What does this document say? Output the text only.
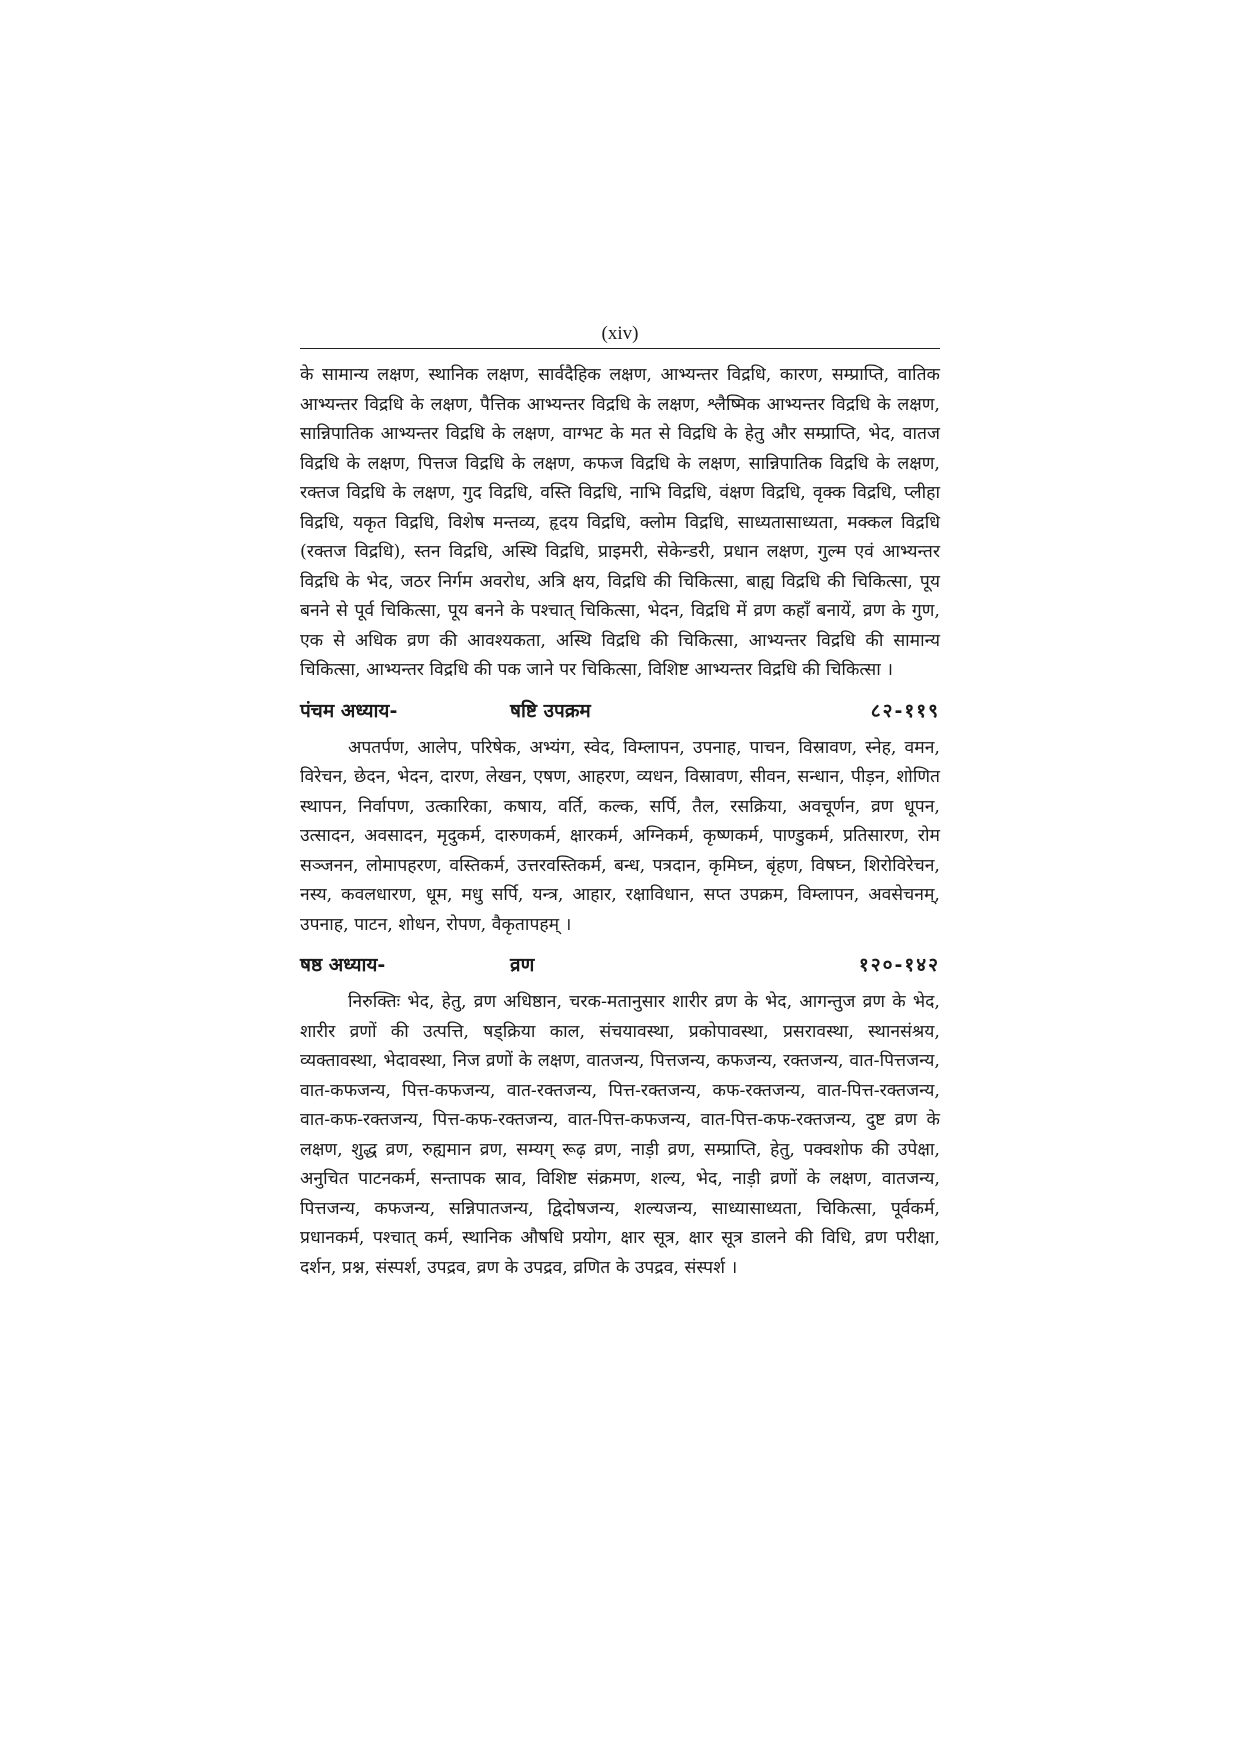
(xiv)

के सामान्य लक्षण, स्थानिक लक्षण, सार्वदैहिक लक्षण, आभ्यन्तर विद्रधि, कारण, सम्प्राप्ति, वातिक आभ्यन्तर विद्रधि के लक्षण, पैत्तिक आभ्यन्तर विद्रधि के लक्षण, श्लैष्मिक आभ्यन्तर विद्रधि के लक्षण, सान्निपातिक आभ्यन्तर विद्रधि के लक्षण, वाग्भट के मत से विद्रधि के हेतु और सम्प्राप्ति, भेद, वातज विद्रधि के लक्षण, पित्तज विद्रधि के लक्षण, कफज विद्रधि के लक्षण, सान्निपातिक विद्रधि के लक्षण, रक्तज विद्रधि के लक्षण, गुद विद्रधि, वस्ति विद्रधि, नाभि विद्रधि, वंक्षण विद्रधि, वृक्क विद्रधि, प्लीहा विद्रधि, यकृत विद्रधि, विशेष मन्तव्य, हृदय विद्रधि, क्लोम विद्रधि, साध्यतासाध्यता, मक्कल विद्रधि (रक्तज विद्रधि), स्तन विद्रधि, अस्थि विद्रधि, प्राइमरी, सेकेन्डरी, प्रधान लक्षण, गुल्म एवं आभ्यन्तर विद्रधि के भेद, जठर निर्गम अवरोध, अत्रि क्षय, विद्रधि की चिकित्सा, बाह्य विद्रधि की चिकित्सा, पूय बनने से पूर्व चिकित्सा, पूय बनने के पश्चात् चिकित्सा, भेदन, विद्रधि में व्रण कहाँ बनायें, व्रण के गुण, एक से अधिक व्रण की आवश्यकता, अस्थि विद्रधि की चिकित्सा, आभ्यन्तर विद्रधि की सामान्य चिकित्सा, आभ्यन्तर विद्रधि की पक जाने पर चिकित्सा, विशिष्ट आभ्यन्तर विद्रधि की चिकित्सा ।

पंचम अध्याय-	षष्टि उपक्रम	८२-११९

अपतर्पण, आलेप, परिषेक, अभ्यंग, स्वेद, विम्लापन, उपनाह, पाचन, विस्रावण, स्नेह, वमन, विरेचन, छेदन, भेदन, दारण, लेखन, एषण, आहरण, व्यधन, विस्रावण, सीवन, सन्धान, पीड़न, शोणित स्थापन, निर्वापण, उत्कारिका, कषाय, वर्ति, कल्क, सर्पि, तैल, रसक्रिया, अवचूर्णन, व्रण धूपन, उत्सादन, अवसादन, मृदुकर्म, दारुणकर्म, क्षारकर्म, अग्निकर्म, कृष्णकर्म, पाण्डुकर्म, प्रतिसारण, रोम सञ्जनन, लोमापहरण, वस्तिकर्म, उत्तरवस्तिकर्म, बन्ध, पत्रदान, कृमिघ्न, बृंहण, विषघ्न, शिरोविरेचन, नस्य, कवलधारण, धूम, मधु सर्पि, यन्त्र, आहार, रक्षाविधान, सप्त उपक्रम, विम्लापन, अवसेचनम्, उपनाह, पाटन, शोधन, रोपण, वैकृतापहम् ।

षष्ठ अध्याय-	व्रण	१२०-१४२

निरुक्तिः भेद, हेतु, व्रण अधिष्ठान, चरक-मतानुसार शारीर व्रण के भेद, आगन्तुज व्रण के भेद, शारीर व्रणों की उत्पत्ति, षड्क्रिया काल, संचयावस्था, प्रकोपावस्था, प्रसरावस्था, स्थानसंश्रय, व्यक्तावस्था, भेदावस्था, निज व्रणों के लक्षण, वातजन्य, पित्तजन्य, कफजन्य, रक्तजन्य, वात-पित्तजन्य, वात-कफजन्य, पित्त-कफजन्य, वात-रक्तजन्य, पित्त-रक्तजन्य, कफ-रक्तजन्य, वात-पित्त-रक्तजन्य, वात-कफ-रक्तजन्य, पित्त-कफ-रक्तजन्य, वात-पित्त-कफजन्य, वात-पित्त-कफ-रक्तजन्य, दुष्ट व्रण के लक्षण, शुद्ध व्रण, रुह्यमान व्रण, सम्यग् रूढ़ व्रण, नाड़ी व्रण, सम्प्राप्ति, हेतु, पक्वशोफ की उपेक्षा, अनुचित पाटनकर्म, सन्तापक स्राव, विशिष्ट संक्रमण, शल्य, भेद, नाड़ी व्रणों के लक्षण, वातजन्य, पित्तजन्य, कफजन्य, सन्निपातजन्य, द्विदोषजन्य, शल्यजन्य, साध्यासाध्यता, चिकित्सा, पूर्वकर्म, प्रधानकर्म, पश्चात् कर्म, स्थानिक औषधि प्रयोग, क्षार सूत्र, क्षार सूत्र डालने की विधि, व्रण परीक्षा, दर्शन, प्रश्न, संस्पर्श, उपद्रव, व्रण के उपद्रव, व्रणित के उपद्रव, संस्पर्श ।
